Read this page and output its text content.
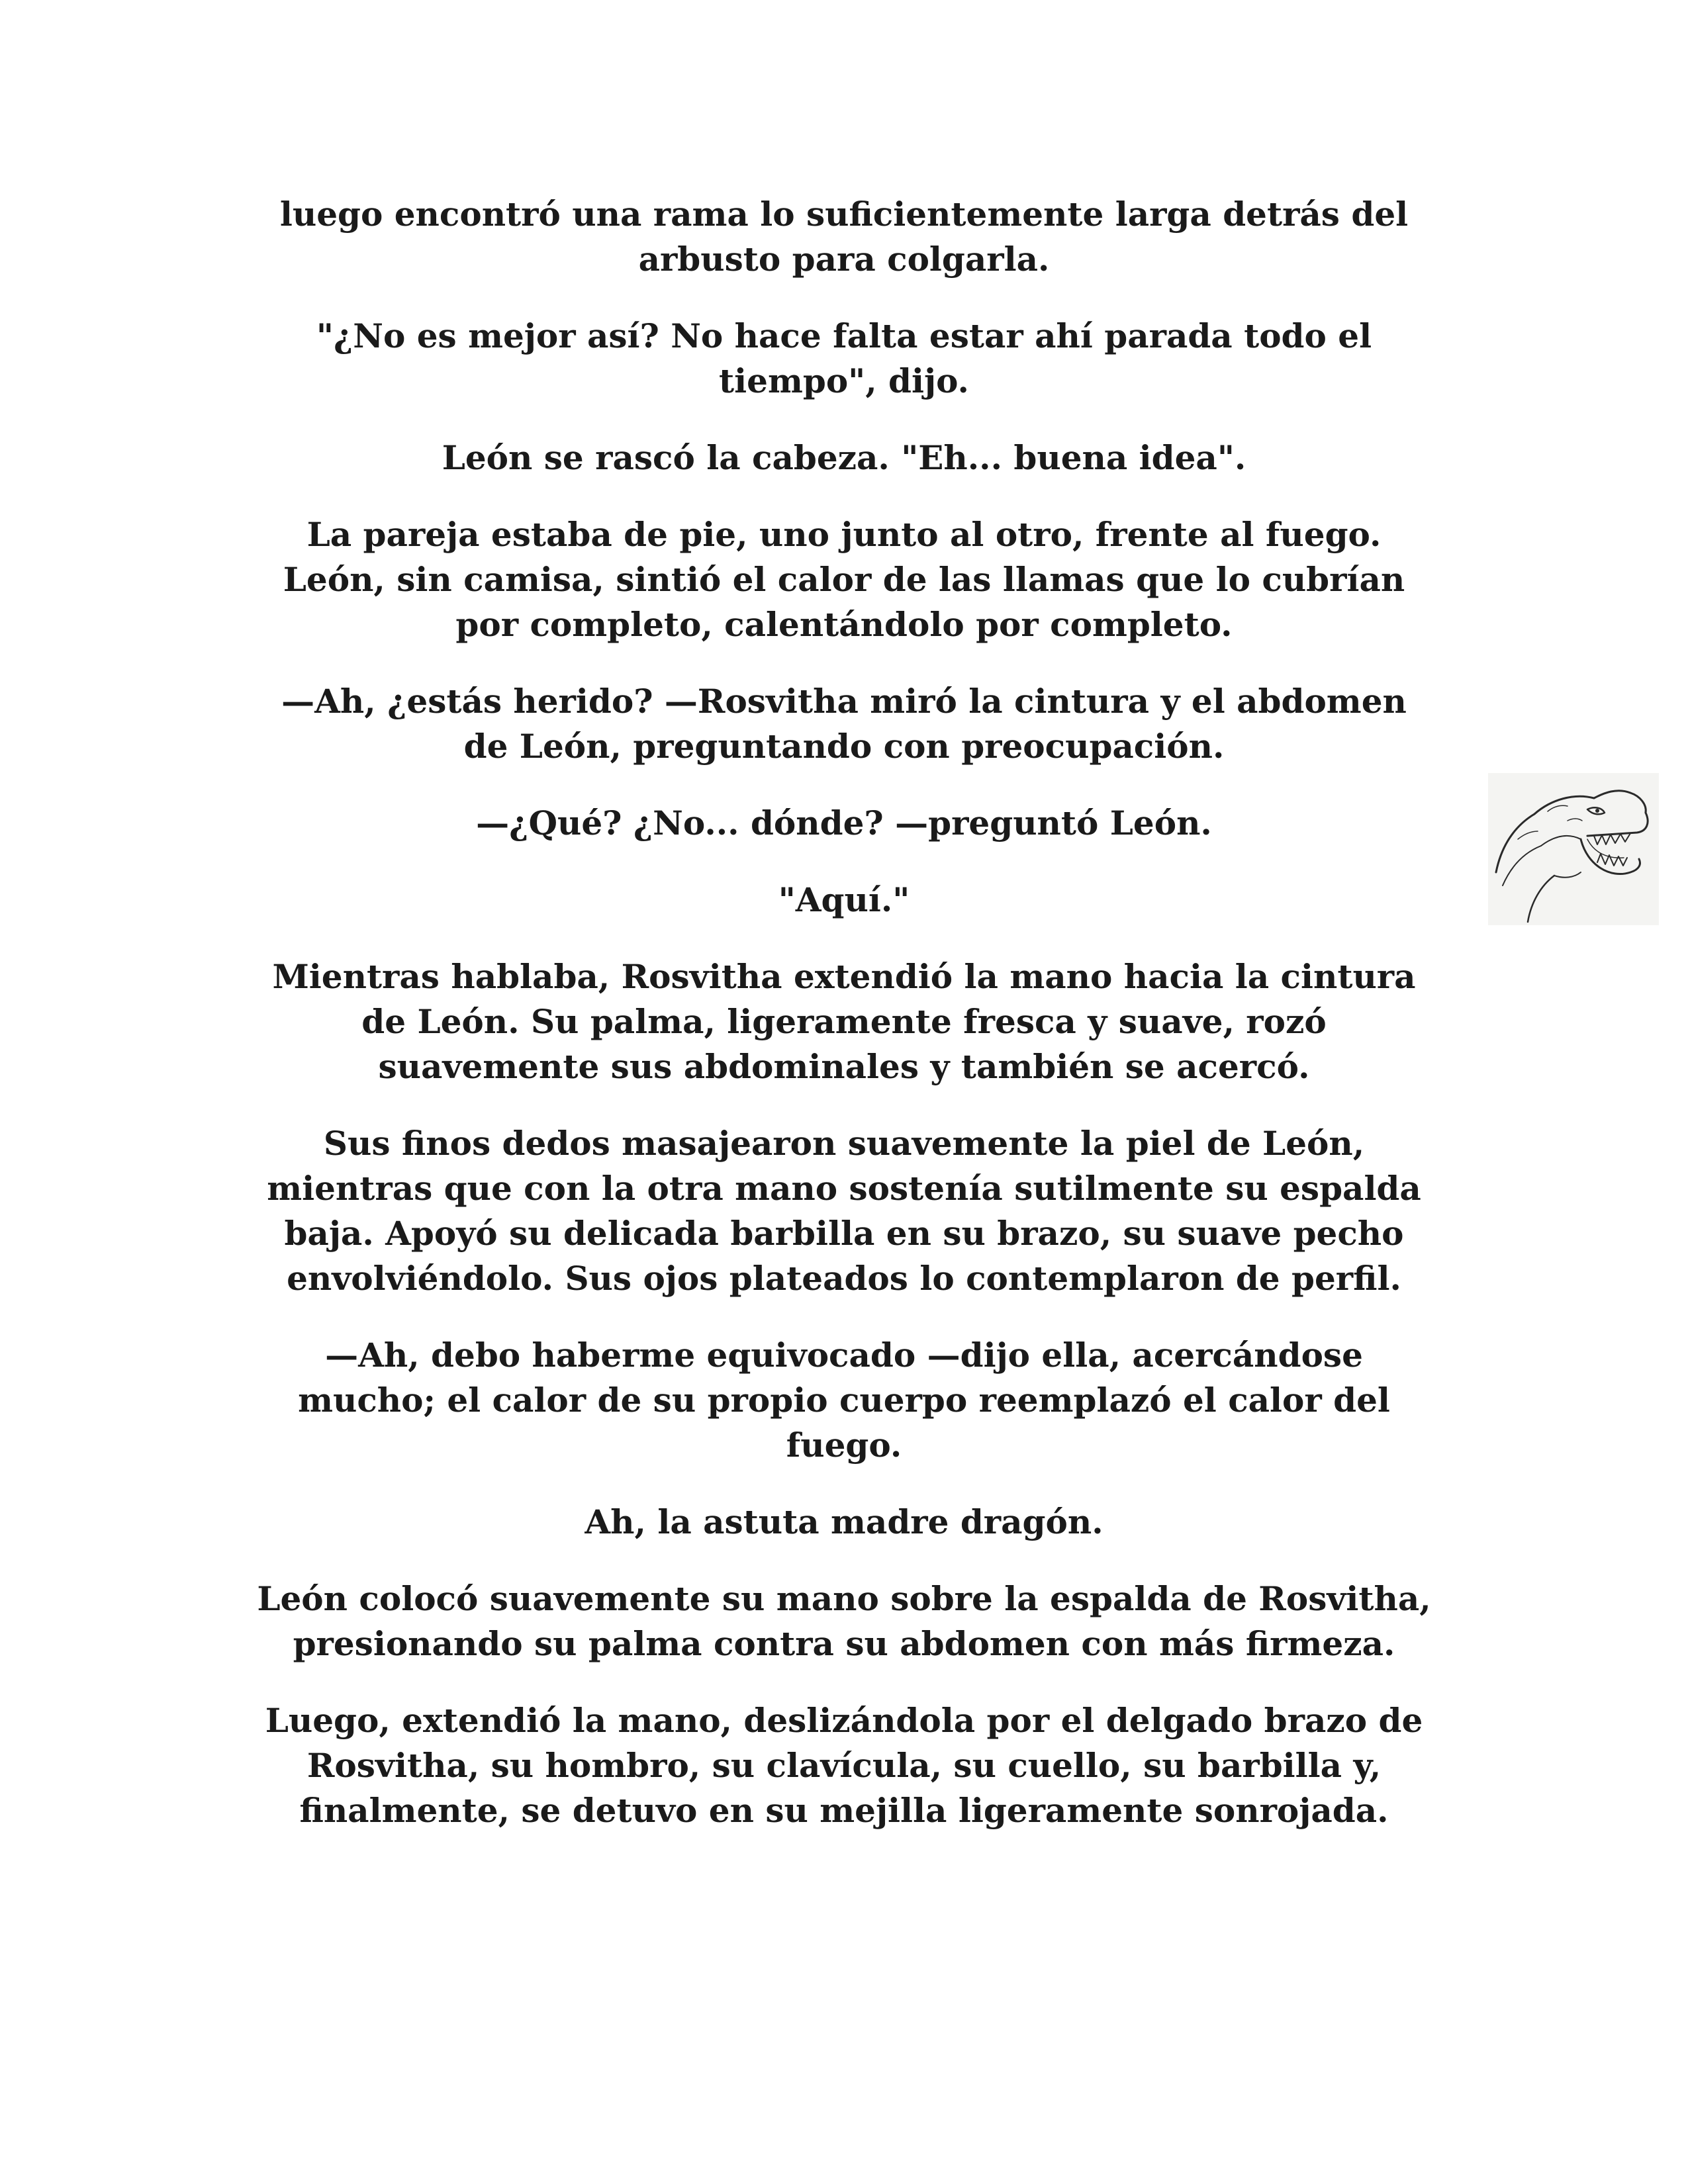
luego encontró una rama lo suficientemente larga detrás del
arbusto para colgarla.

"¿No es mejor así? No hace falta estar ahí parada todo el
tiempo", dijo.

León se rascó la cabeza. "Eh... buena idea".

La pareja estaba de pie, uno junto al otro, frente al fuego.
León, sin camisa, sintió el calor de las llamas que lo cubrían
por completo, calentándolo por completo.

—Ah, ¿estás herido? —Rosvitha miró la cintura y el abdomen
de León, preguntando con preocupación.

—¿Qué? ¿No... dónde? —preguntó León.

"Aquí."

Mientras hablaba, Rosvitha extendió la mano hacia la cintura
de León. Su palma, ligeramente fresca y suave, rozó
suavemente sus abdominales y también se acercó.

Sus finos dedos masajearon suavemente la piel de León,
mientras que con la otra mano sostenía sutilmente su espalda
baja. Apoyó su delicada barbilla en su brazo, su suave pecho
envolviéndolo. Sus ojos plateados lo contemplaron de perfil.

—Ah, debo haberme equivocado —dijo ella, acercándose
mucho; el calor de su propio cuerpo reemplazó el calor del
fuego.

Ah, la astuta madre dragón.

León colocó suavemente su mano sobre la espalda de Rosvitha,
presionando su palma contra su abdomen con más firmeza.

Luego, extendió la mano, deslizándola por el delgado brazo de
Rosvitha, su hombro, su clavícula, su cuello, su barbilla y,
finalmente, se detuvo en su mejilla ligeramente sonrojada.
